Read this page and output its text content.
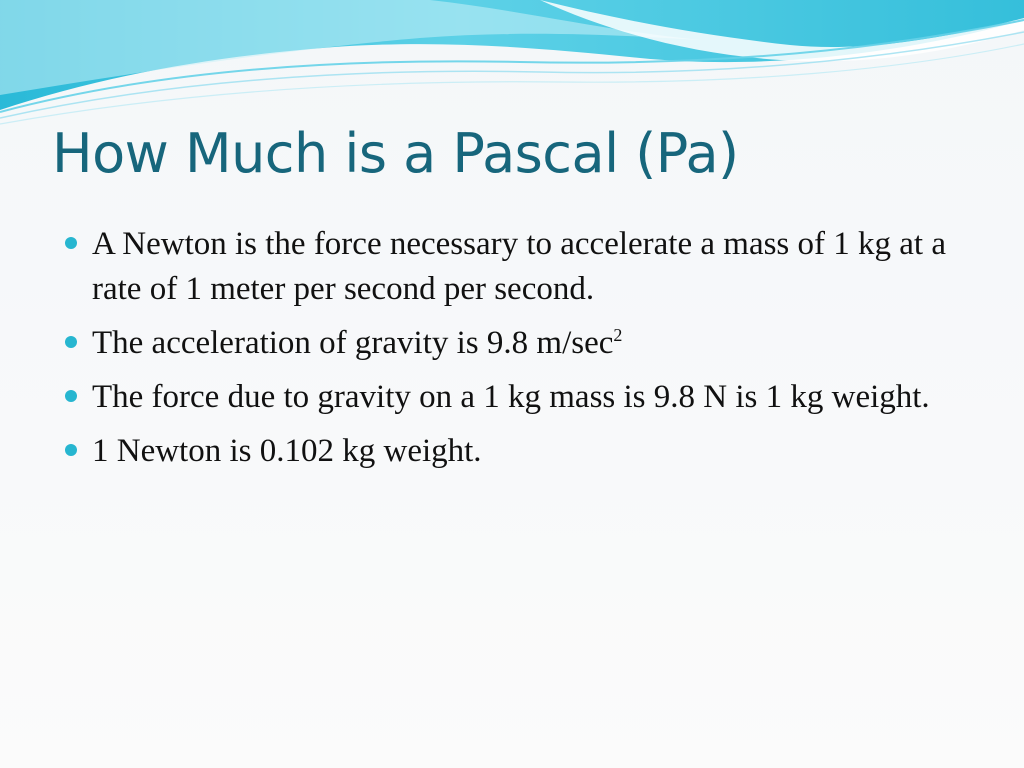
How Much is a Pascal (Pa)
A Newton is the force necessary to accelerate a mass of 1 kg at a rate of 1 meter per second per second.
The acceleration of gravity is 9.8 $m/\sec^2$
The force due to gravity on a 1 kg mass is 9.8 N is 1 kg weight.
1 Newton is 0.102 kg weight.
